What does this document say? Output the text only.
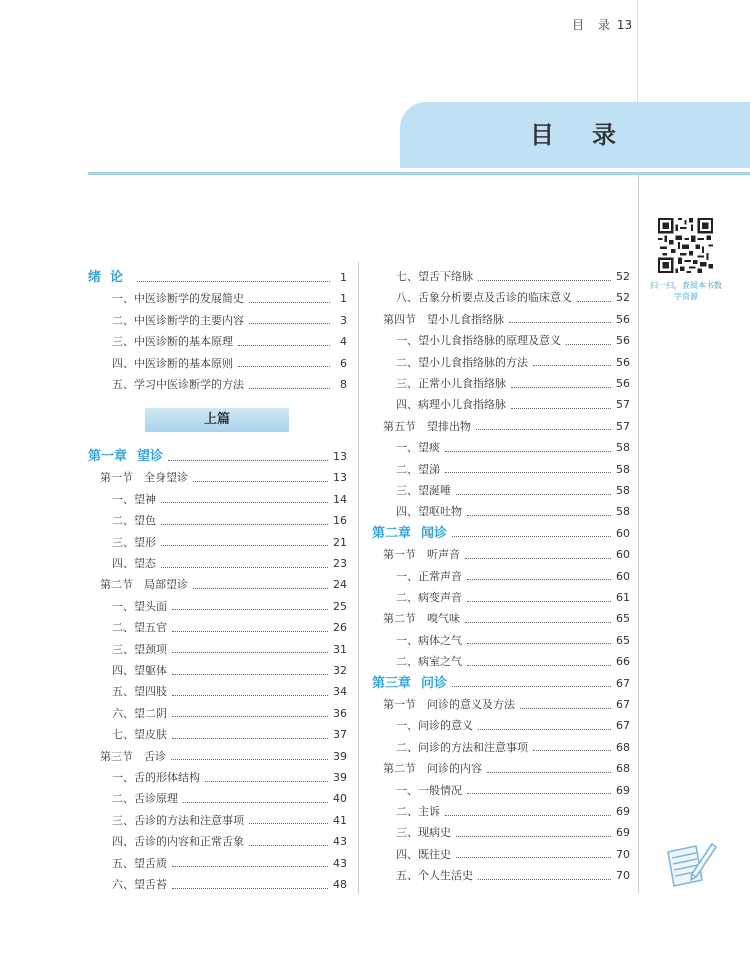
目 录 13
目录
扫一扫，查阅本书数字资源
上篇
绪论	1
一、中医诊断学的发展简史	1
二、中医诊断学的主要内容	3
三、中医诊断的基本原理	4
四、中医诊断的基本原则	6
五、学习中医诊断学的方法	8
第一章 望诊	13
第一节　全身望诊	13
一、望神	14
二、望色	16
三、望形	21
四、望态	23
第二节　局部望诊	24
一、望头面	25
二、望五官	26
三、望颈项	31
四、望躯体	32
五、望四肢	34
六、望二阴	36
七、望皮肤	37
第三节　舌诊	39
一、舌的形体结构	39
二、舌诊原理	40
三、舌诊的方法和注意事项	41
四、舌诊的内容和正常舌象	43
五、望舌质	43
六、望舌苔	48
七、望舌下络脉	52
八、舌象分析要点及舌诊的临床意义	52
第四节　望小儿食指络脉	56
一、望小儿食指络脉的原理及意义	56
二、望小儿食指络脉的方法	56
三、正常小儿食指络脉	56
四、病理小儿食指络脉	57
第五节　望排出物	57
一、望痰	58
二、望涕	58
三、望涎唾	58
四、望呕吐物	58
第二章 闻诊	60
第一节　听声音	60
一、正常声音	60
二、病变声音	61
第二节　嗅气味	65
一、病体之气	65
二、病室之气	66
第三章 问诊	67
第一节　问诊的意义及方法	67
一、问诊的意义	67
二、问诊的方法和注意事项	68
第二节　问诊的内容	68
一、一般情况	69
二、主诉	69
三、现病史	69
四、既往史	70
五、个人生活史	70
